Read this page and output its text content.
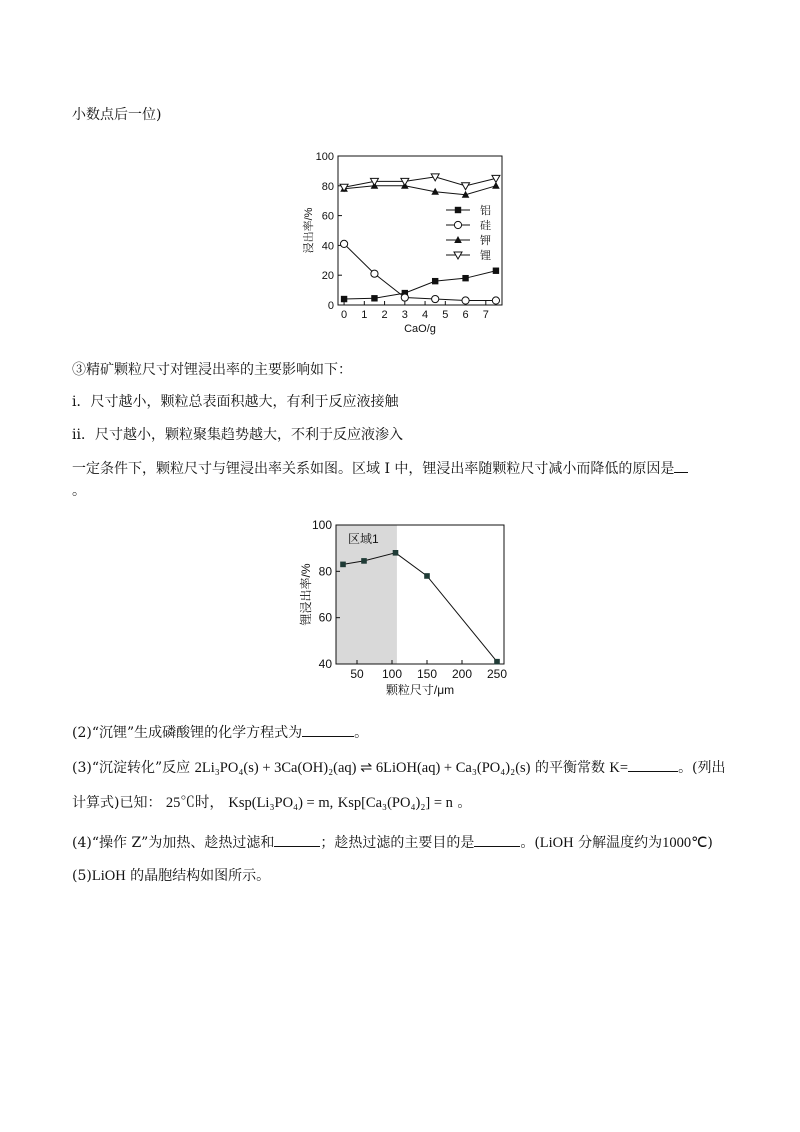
小数点后一位)
0
20
40
60
80
100
0 1 2 3 4 5 6 7
CaO/g
浸出率/%	铝
硅
钾
锂
③精矿颗粒尺寸对锂浸出率的主要影响如下：
i．尺寸越小，颗粒总表面积越大，有利于反应液接触
ii．尺寸越小，颗粒聚集趋势越大，不利于反应液渗入
一定条件下，颗粒尺寸与锂浸出率关系如图。区域 I 中，锂浸出率随颗粒尺寸减小而降低的原因是
。
区域1
40
60
80
100
50 100 150 200 250
颗粒尺寸/μm
锂浸出率/%
(2)“沉锂”生成磷酸锂的化学方程式为	。
(3)“沉淀转化”反应 2Li₃PO₄(s) + 3Ca(OH)₂(aq) ⇌ 6LiOH(aq) + Ca₃(PO₄)₂(s) 的平衡常数 K=	。(列出
计算式)已知： 25℃时， Ksp(Li₃PO₄) = m, Ksp[Ca₃(PO₄)₂] = n 。
(4)“操作 Z”为加热、趁热过滤和	；趁热过滤的主要目的是	。(LiOH 分解温度约为1000℃)
(5)LiOH 的晶胞结构如图所示。
